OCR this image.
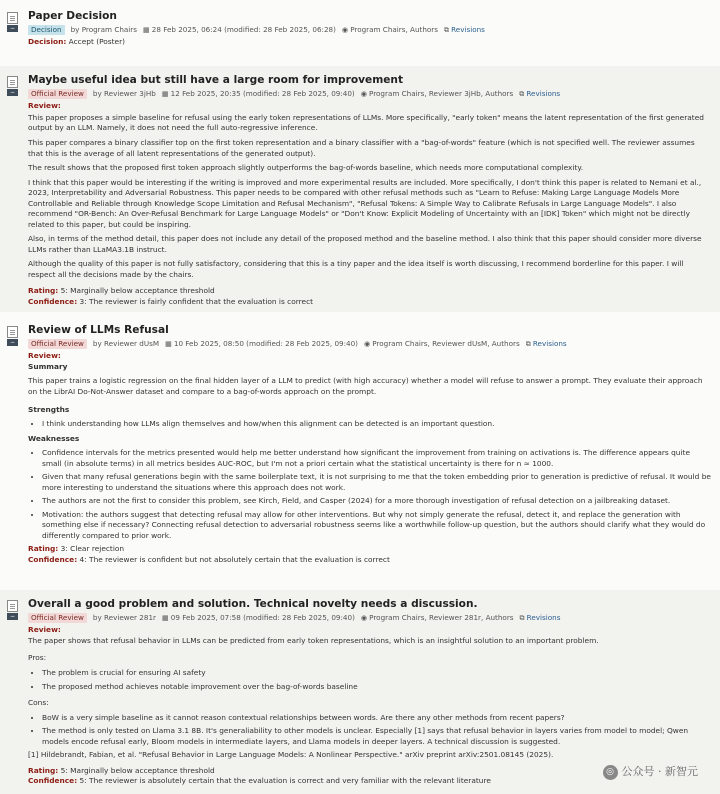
−
Paper Decision
Decision	by Program Chairs ▦ 28 Feb 2025, 06:24 (modified: 28 Feb 2025, 06:28) ◉ Program Chairs, Authors ⧉ Revisions
Decision: Accept (Poster)
−
Maybe useful idea but still have a large room for improvement
Official Review	by Reviewer 3jHb ▦ 12 Feb 2025, 20:35 (modified: 28 Feb 2025, 09:40) ◉ Program Chairs, Reviewer 3jHb, Authors ⧉ Revisions
Review:

This paper proposes a simple baseline for refusal using the early token representations of LLMs. More specifically, "early token" means the latent representation of the first generated output by an LLM. Namely, it does not need the full auto-regressive inference.

This paper compares a binary classifier top on the first token representation and a binary classifier with a "bag-of-words" feature (which is not specified well. The reviewer assumes that this is the average of all latent representations of the generated output).

The result shows that the proposed first token approach slightly outperforms the bag-of-words baseline, which needs more computational complexity.

I think that this paper would be interesting if the writing is improved and more experimental results are included. More specifically, I don't think this paper is related to Nemani et al., 2023, Interpretability and Adversarial Robustness. This paper needs to be compared with other refusal methods such as "Learn to Refuse: Making Large Language Models More Controllable and Reliable through Knowledge Scope Limitation and Refusal Mechanism", "Refusal Tokens: A Simple Way to Calibrate Refusals in Large Language Models". I also recommend "OR-Bench: An Over-Refusal Benchmark for Large Language Models" or "Don't Know: Explicit Modeling of Uncertainty with an [IDK] Token" which might not be directly related to this paper, but could be inspiring.

Also, in terms of the method detail, this paper does not include any detail of the proposed method and the baseline method. I also think that this paper should consider more diverse LLMs rather than LLaMA3.1B instruct.

Although the quality of this paper is not fully satisfactory, considering that this is a tiny paper and the idea itself is worth discussing, I recommend borderline for this paper. I will respect all the decisions made by the chairs.

Rating: 5: Marginally below acceptance threshold
Confidence: 3: The reviewer is fairly confident that the evaluation is correct
−
Review of LLMs Refusal
Official Review	by Reviewer dUsM ▦ 10 Feb 2025, 08:50 (modified: 28 Feb 2025, 09:40) ◉ Program Chairs, Reviewer dUsM, Authors ⧉ Revisions
Review:
Summary

This paper trains a logistic regression on the final hidden layer of a LLM to predict (with high accuracy) whether a model will refuse to answer a prompt. They evaluate their approach on the LibrAI Do-Not-Answer dataset and compare to a bag-of-words approach on the prompt.

Strengths
• I think understanding how LLMs align themselves and how/when this alignment can be detected is an important question.
Weaknesses
• Confidence intervals for the metrics presented would help me better understand how significant the improvement from training on activations is. The difference appears quite small (in absolute terms) in all metrics besides AUC-ROC, but I'm not a priori certain what the statistical uncertainty is there for n ≈ 1000.
• Given that many refusal generations begin with the same boilerplate text, it is not surprising to me that the token embedding prior to generation is predictive of refusal. It would be more interesting to understand the situations where this approach does not work.
• The authors are not the first to consider this problem, see Kirch, Field, and Casper (2024) for a more thorough investigation of refusal detection on a jailbreaking dataset.
• Motivation: the authors suggest that detecting refusal may allow for other interventions. But why not simply generate the refusal, detect it, and replace the generation with something else if necessary? Connecting refusal detection to adversarial robustness seems like a worthwhile follow-up question, but the authors should clarify what they would do differently compared to prior work.
Rating: 3: Clear rejection
Confidence: 4: The reviewer is confident but not absolutely certain that the evaluation is correct
−
Overall a good problem and solution. Technical novelty needs a discussion.
Official Review	by Reviewer 281r ▦ 09 Feb 2025, 07:58 (modified: 28 Feb 2025, 09:40) ◉ Program Chairs, Reviewer 281r, Authors ⧉ Revisions
Review:

The paper shows that refusal behavior in LLMs can be predicted from early token representations, which is an insightful solution to an important problem.

Pros:

• The problem is crucial for ensuring AI safety
• The proposed method achieves notable improvement over the bag-of-words baseline

Cons:

• BoW is a very simple baseline as it cannot reason contextual relationships between words. Are there any other methods from recent papers?
• The method is only tested on Llama 3.1 8B. It's generaliability to other models is unclear. Especially [1] says that refusal behavior in layers varies from model to model; Qwen models encode refusal early, Bloom models in intermediate layers, and Llama models in deeper layers. A technical discussion is suggested.

[1] Hildebrandt, Fabian, et al. "Refusal Behavior in Large Language Models: A Nonlinear Perspective." arXiv preprint arXiv:2501.08145 (2025).

Rating: 5: Marginally below acceptance threshold
Confidence: 5: The reviewer is absolutely certain that the evaluation is correct and very familiar with the relevant literature
◎ 公众号 · 新智元
